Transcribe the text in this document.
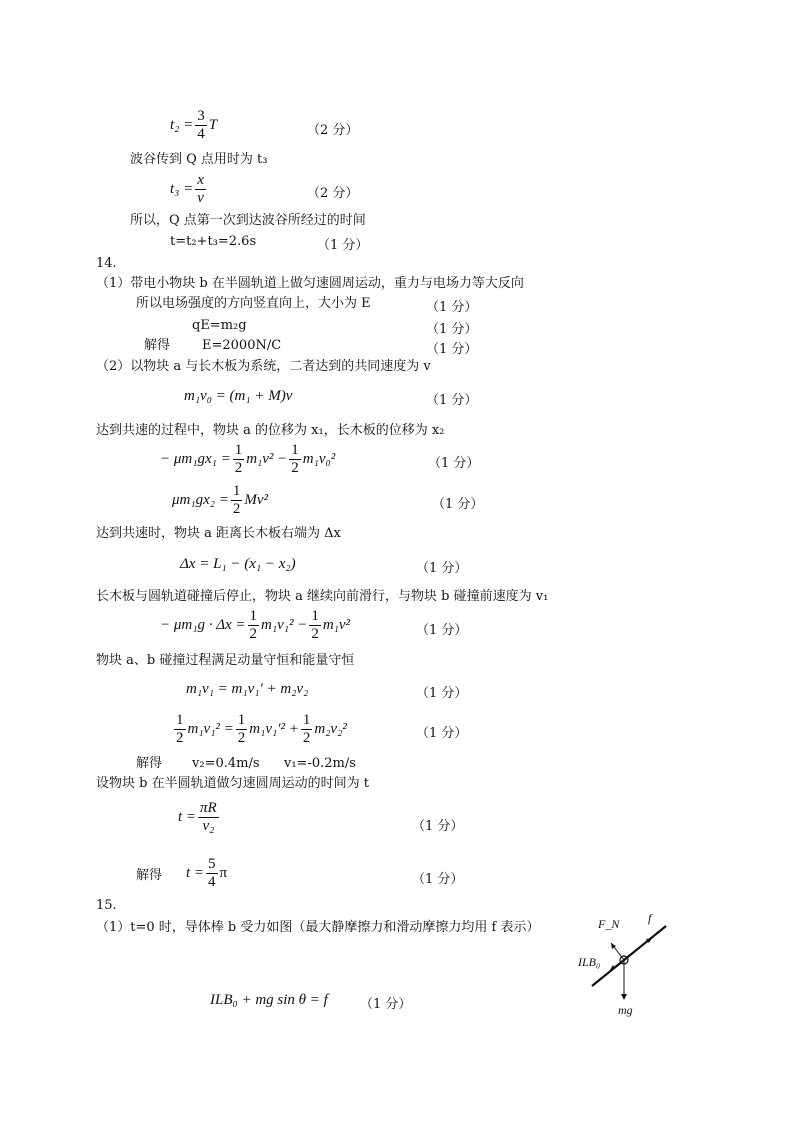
$t_2 = \frac{3}{4}$ T	（2 分）
波谷传到 Q 点用时为 t₃
$t_3 = \frac{x}{v}$	（2 分）
所以，Q 点第一次到达波谷所经过的时间
t=t₂+t₃=2.6s	（1 分）
14.
（1）带电小物块 b 在半圆轨道上做匀速圆周运动，重力与电场力等大反向
所以电场强度的方向竖直向上，大小为 E	（1 分）
qE=m₂g	（1 分）
解得 E=2000N/C	（1 分）
（2）以物块 a 与长木板为系统，二者达到的共同速度为 v
m₁v₀ = (m₁ + M)v	（1 分）
达到共速的过程中，物块 a 的位移为 x₁，长木板的位移为 x₂
− $\mu m_1gx_1 = \frac{1}{2} m_1v^2 - \frac{1}{2} m_1v_0^2$	（1 分）
$\mu m_1gx_2 = \frac{1}{2} Mv^2$	（1 分）
达到共速时，物块 a 距离长木板右端为 Δx
Δx = L₁ − (x₁ − x₂)	（1 分）
长木板与圆轨道碰撞后停止，物块 a 继续向前滑行，与物块 b 碰撞前速度为 v₁
− $\mu m_1g \cdot \Delta x = \frac{1}{2} m_1v_1^2 - \frac{1}{2} m_1v^2$	（1 分）
物块 a、b 碰撞过程满足动量守恒和能量守恒
m₁v₁ = m₁v₁′ + m₂v₂	（1 分）
$\frac{1}{2} m_1v_1^2 = \frac{1}{2} m_1v_1'^2 + \frac{1}{2} m_2v_2^2$	（1 分）
解得 v₂=0.4m/s v₁=-0.2m/s
设物块 b 在半圆轨道做匀速圆周运动的时间为 t
$t = \frac{\pi R}{\text{v₂}}$	（1 分）
解得 $t = \frac{5}{4}$ π	（1 分）
15.
（1）t=0 时，导体棒 b 受力如图（最大静摩擦力和滑动摩擦力均用 f 表示）
ILB₀ + mg sin θ = f （1 分）
F_N f
ILB₀
mg
